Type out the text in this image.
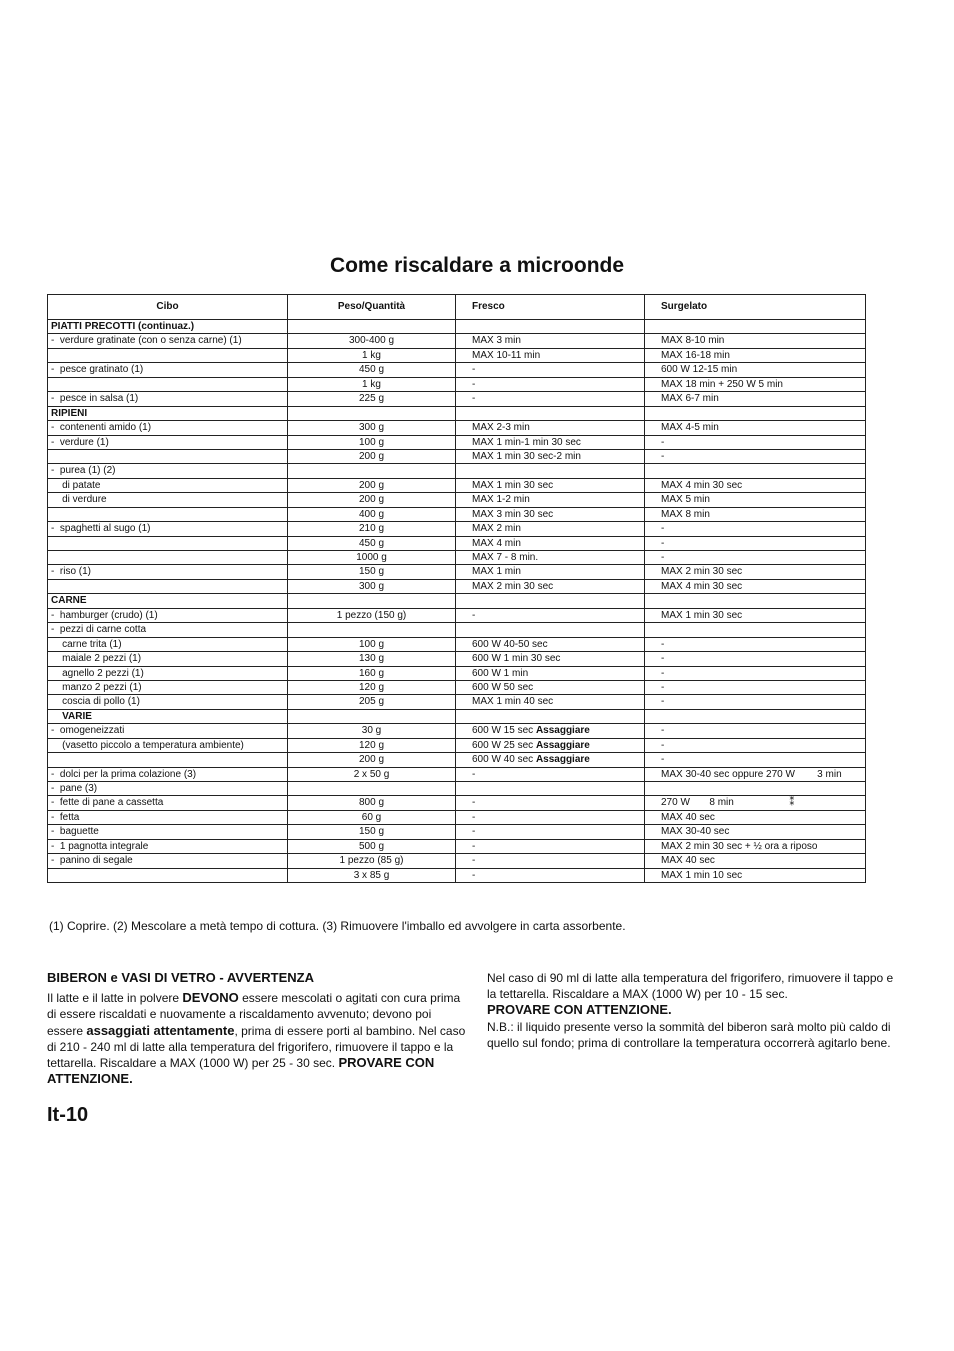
Come riscaldare a microonde
Cibo	Peso/Quantità	Fresco	Surgelato
PIATTI PRECOTTI (continuaz.)			
-  verdure gratinate (con o senza carne) (1)	300-400 g	MAX 3 min	MAX 8-10 min
	1 kg	MAX 10-11 min	MAX 16-18 min
-  pesce gratinato (1)	450 g	-	600 W 12-15 min
	1 kg	-	MAX 18 min + 250 W 5 min
-  pesce in salsa (1)	225 g	-	MAX 6-7 min
RIPIENI			
-  contenenti amido (1)	300 g	MAX 2-3 min	MAX 4-5 min
-  verdure (1)	100 g	MAX 1 min-1 min 30 sec	-
	200 g	MAX 1 min 30 sec-2 min	-
-  purea (1) (2)			
di patate	200 g	MAX 1 min 30 sec	MAX 4 min 30 sec
di verdure	200 g	MAX 1-2 min	MAX 5 min
	400 g	MAX 3 min 30 sec	MAX 8 min
-  spaghetti al sugo (1)	210 g	MAX 2 min	-
	450 g	MAX 4 min	-
	1000 g	MAX 7 - 8 min.	-
-  riso (1)	150 g	MAX 1 min	MAX 2 min 30 sec
	300 g	MAX 2 min 30 sec	MAX 4 min 30 sec
CARNE			
-  hamburger (crudo) (1)	1 pezzo (150 g)	-	MAX 1 min 30 sec
-  pezzi di carne cotta			
carne trita (1)	100 g	600 W 40-50 sec	-
maiale 2 pezzi (1)	130 g	600 W 1 min 30 sec	-
agnello 2 pezzi (1)	160 g	600 W 1 min	-
manzo 2 pezzi (1)	120 g	600 W 50 sec	-
coscia di pollo (1)	205 g	MAX 1 min 40 sec	-
VARIE			
-  omogeneizzati	30 g	600 W 15 sec Assaggiare	-
(vasetto piccolo a temperatura ambiente)	120 g	600 W 25 sec Assaggiare	-
	200 g	600 W 40 sec Assaggiare	-
-  dolci per la prima colazione (3)	2 x 50 g	-	MAX 30-40 sec oppure 270 W        3 min
-  pane (3)			
-  fette di pane a cassetta	800 g	-	270 W       8 min                    ⁑
-  fetta	60 g	-	MAX 40 sec
-  baguette	150 g	-	MAX 30-40 sec
-  1 pagnotta integrale	500 g	-	MAX 2 min 30 sec + ½ ora a riposo
-  panino di segale	1 pezzo (85 g)	-	MAX 40 sec
	3 x 85 g	-	MAX 1 min 10 sec

(1) Coprire. (2) Mescolare a metà tempo di cottura. (3) Rimuovere l'imballo ed avvolgere in carta assorbente.

BIBERON e VASI DI VETRO - AVVERTENZA

Il latte e il latte in polvere DEVONO essere mescolati o agitati con cura prima di essere riscaldati e nuovamente a riscaldamento avvenuto; devono poi essere assaggiati attentamente, prima di essere porti al bambino. Nel caso di 210 - 240 ml di latte alla temperatura del frigorifero, rimuovere il tappo e la tettarella. Riscaldare a MAX (1000 W) per 25 - 30 sec. PROVARE CON ATTENZIONE.

Nel caso di 90 ml di latte alla temperatura del frigorifero, rimuovere il tappo e la tettarella. Riscaldare a MAX (1000 W) per 10 - 15 sec.

PROVARE CON ATTENZIONE.

N.B.: il liquido presente verso la sommità del biberon sarà molto più caldo di quello sul fondo; prima di controllare la temperatura occorrerà agitarlo bene.

It-10
